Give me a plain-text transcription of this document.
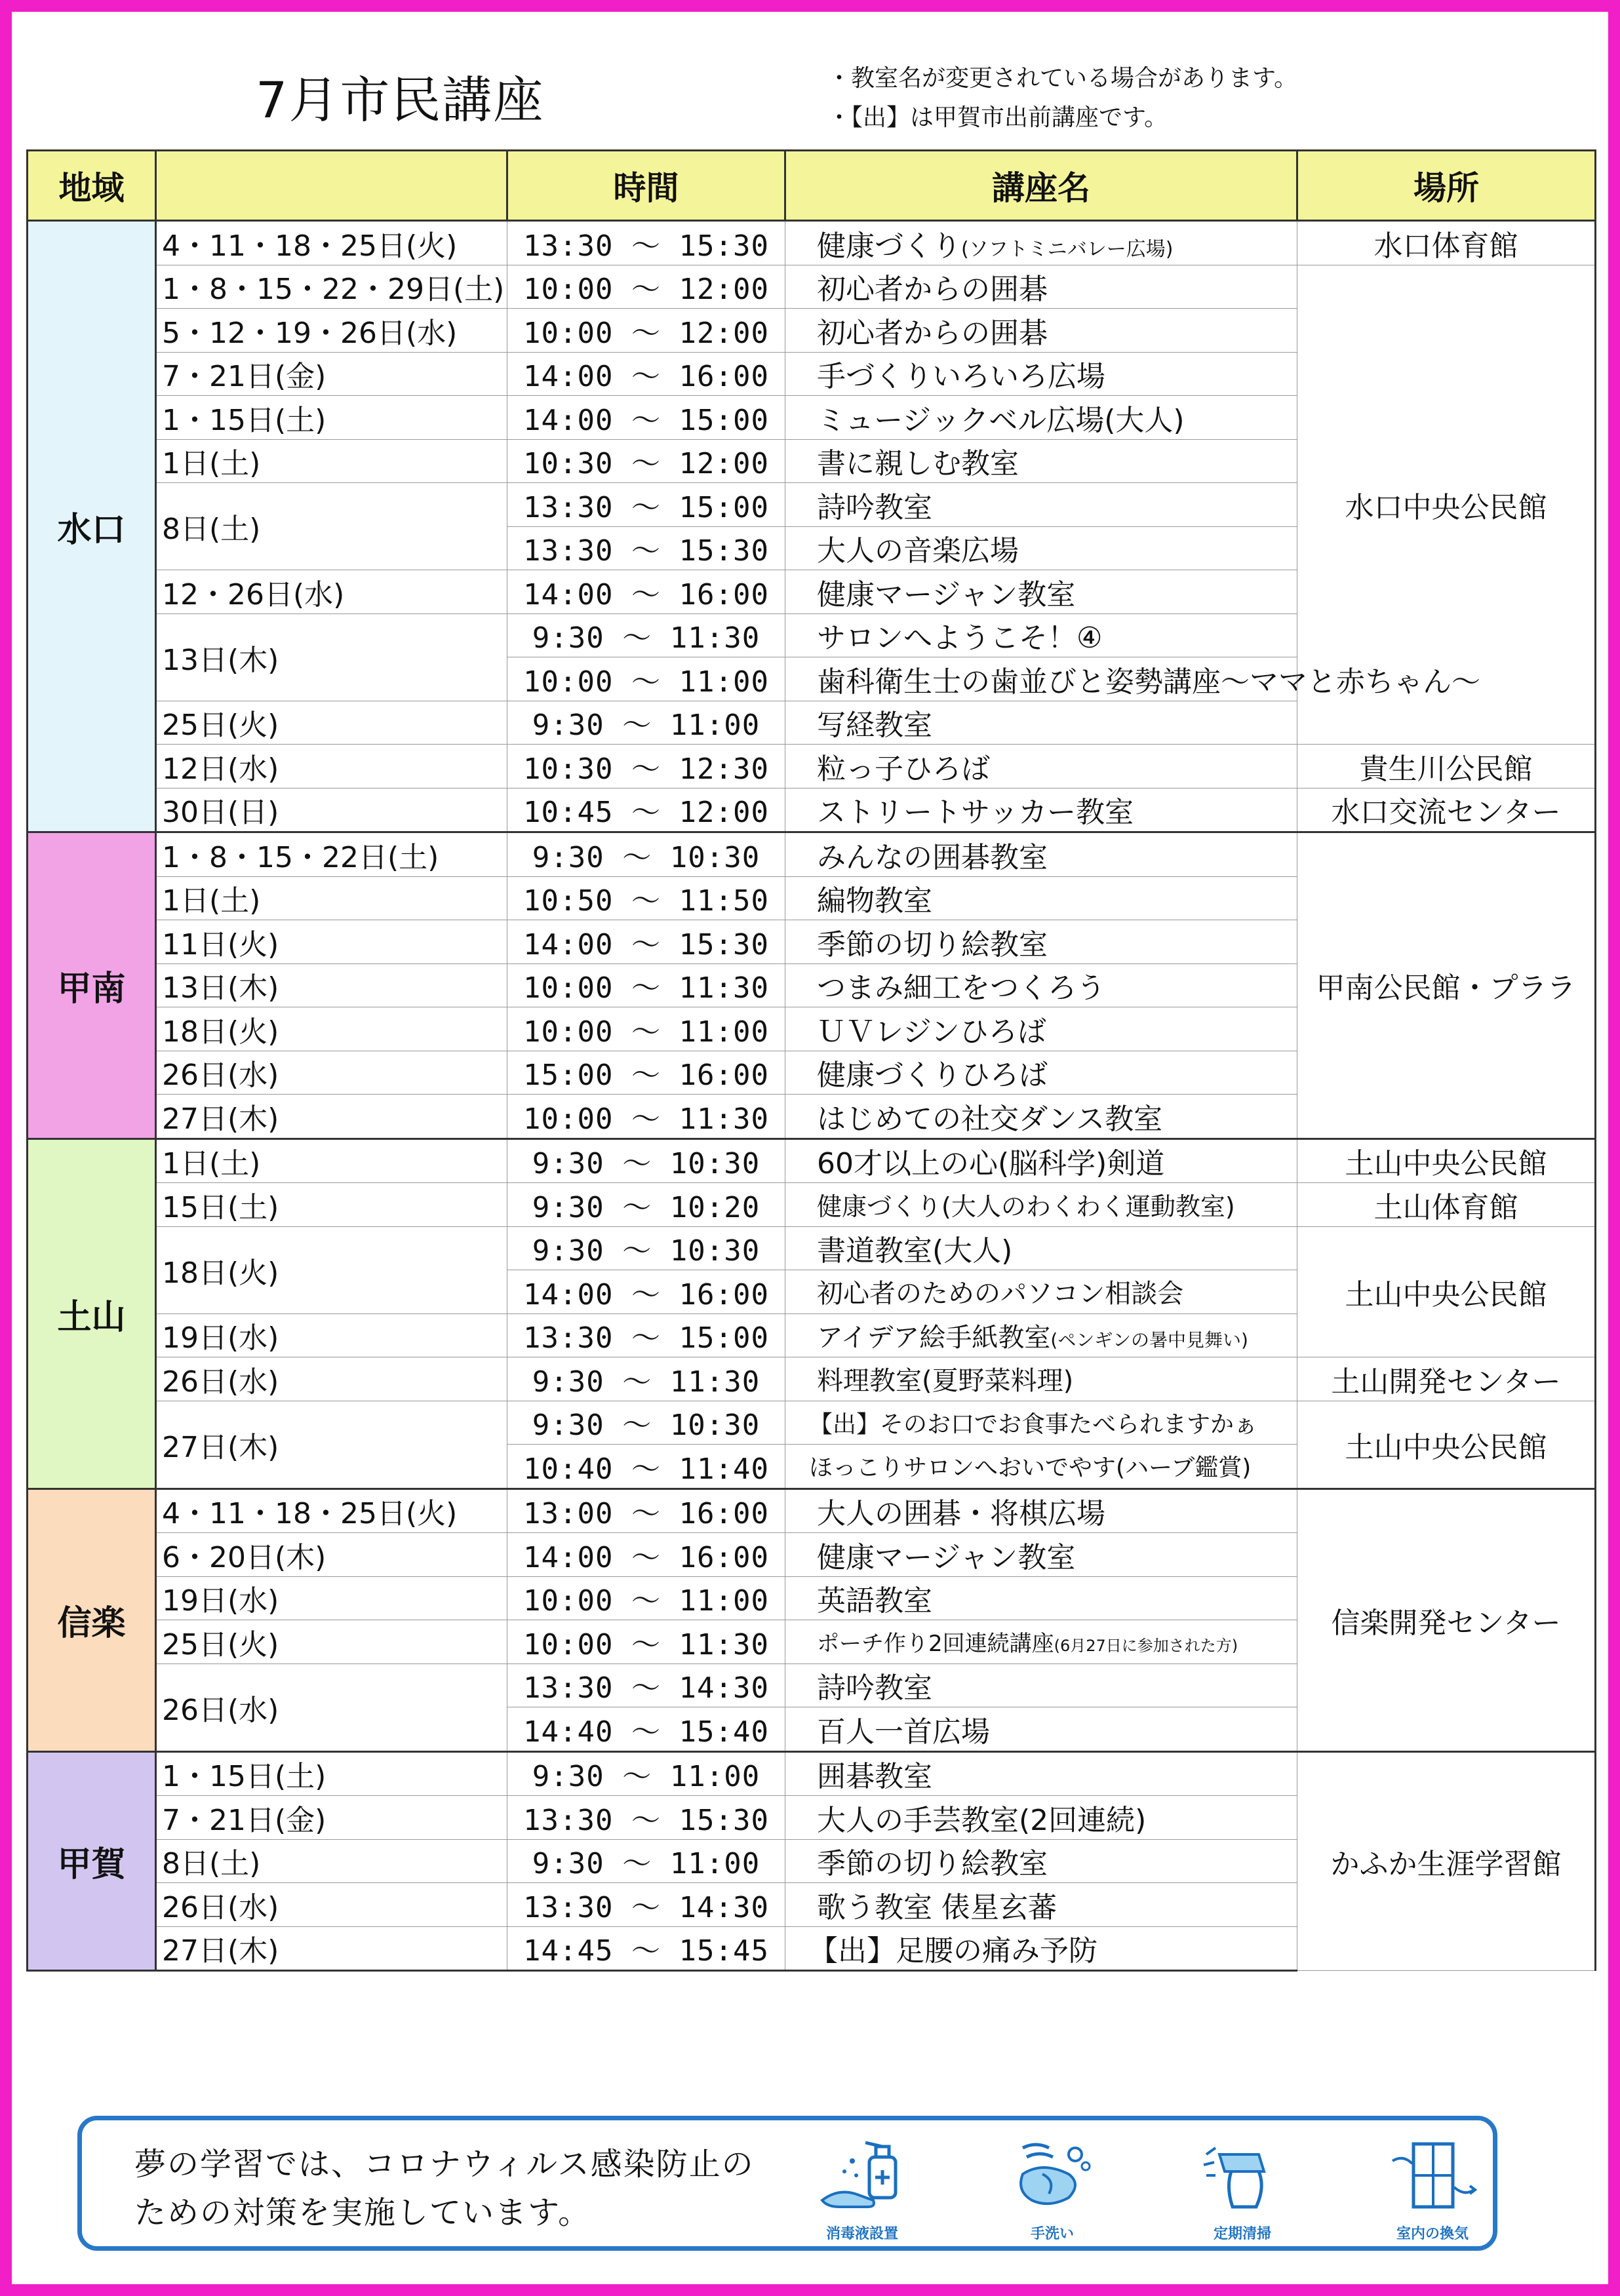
7月市民講座	・教室名が変更されている場合があります。
・【出】は甲賀市出前講座です。
地域		時間	講座名	場所
水口	4・11・18・25日(火)	13:30 ～ 15:30	健康づくり(ソフトミニバレー広場)	水口体育館
	1・8・15・22・29日(土)	10:00 ～ 12:00	初心者からの囲碁	水口中央公民館
	5・12・19・26日(水)	10:00 ～ 12:00	初心者からの囲碁	
	7・21日(金)	14:00 ～ 16:00	手づくりいろいろ広場	
	1・15日(土)	14:00 ～ 15:00	ミュージックベル広場(大人)	
	1日(土)	10:30 ～ 12:00	書に親しむ教室	
	8日(土)	13:30 ～ 15:00	詩吟教室	
		13:30 ～ 15:30	大人の音楽広場	
	12・26日(水)	14:00 ～ 16:00	健康マージャン教室	
	13日(木)	9:30 ～ 11:30	サロンへようこそ！④	
		10:00 ～ 11:00	歯科衛生士の歯並びと姿勢講座～ママと赤ちゃん～	
	25日(火)	9:30 ～ 11:00	写経教室	
	12日(水)	10:30 ～ 12:30	粒っ子ひろば	貴生川公民館
	30日(日)	10:45 ～ 12:00	ストリートサッカー教室	水口交流センター
甲南	1・8・15・22日(土)	9:30 ～ 10:30	みんなの囲碁教室	甲南公民館・プララ
	1日(土)	10:50 ～ 11:50	編物教室	
	11日(火)	14:00 ～ 15:30	季節の切り絵教室	
	13日(木)	10:00 ～ 11:30	つまみ細工をつくろう	
	18日(火)	10:00 ～ 11:00	ＵＶレジンひろば	
	26日(水)	15:00 ～ 16:00	健康づくりひろば	
	27日(木)	10:00 ～ 11:30	はじめての社交ダンス教室	
土山	1日(土)	9:30 ～ 10:30	60才以上の心(脳科学)剣道	土山中央公民館
	15日(土)	9:30 ～ 10:20	健康づくり(大人のわくわく運動教室)	土山体育館
	18日(火)	9:30 ～ 10:30	書道教室(大人)	土山中央公民館
		14:00 ～ 16:00	初心者のためのパソコン相談会	
	19日(水)	13:30 ～ 15:00	アイデア絵手紙教室(ペンギンの暑中見舞い)	
	26日(水)	9:30 ～ 11:30	料理教室(夏野菜料理)	土山開発センター
	27日(木)	9:30 ～ 10:30	【出】そのお口でお食事たべられますかぁ	土山中央公民館
		10:40 ～ 11:40	ほっこりサロンへおいでやす(ハーブ鑑賞)	
信楽	4・11・18・25日(火)	13:00 ～ 16:00	大人の囲碁・将棋広場	信楽開発センター
	6・20日(木)	14:00 ～ 16:00	健康マージャン教室	
	19日(水)	10:00 ～ 11:00	英語教室	
	25日(火)	10:00 ～ 11:30	ポーチ作り2回連続講座(6月27日に参加された方)	
	26日(水)	13:30 ～ 14:30	詩吟教室	
		14:40 ～ 15:40	百人一首広場	
甲賀	1・15日(土)	9:30 ～ 11:00	囲碁教室	かふか生涯学習館
	7・21日(金)	13:30 ～ 15:30	大人の手芸教室(2回連続)	
	8日(土)	9:30 ～ 11:00	季節の切り絵教室	
	26日(水)	13:30 ～ 14:30	歌う教室 俵星玄蕃	
	27日(木)	14:45 ～ 15:45	【出】足腰の痛み予防	
夢の学習では、コロナウィルス感染防止の
ための対策を実施しています。
消毒液設置	手洗い	定期清掃	室内の換気
